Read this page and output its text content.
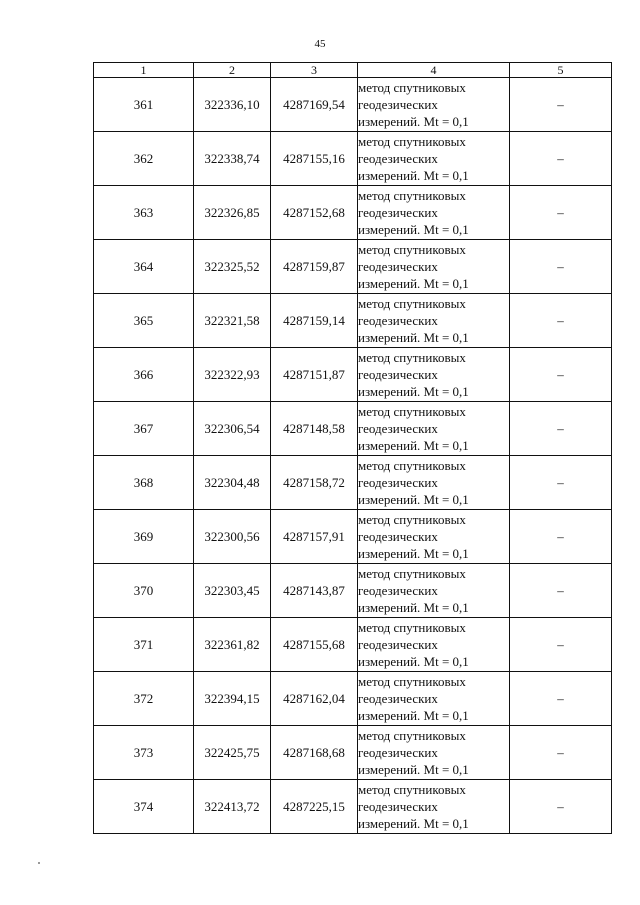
45
1	2	3	4	5
361	322336,10	4287169,54	метод спутниковых
геодезических
измерений. Mt = 0,1	–
362	322338,74	4287155,16	метод спутниковых
геодезических
измерений. Mt = 0,1	–
363	322326,85	4287152,68	метод спутниковых
геодезических
измерений. Mt = 0,1	–
364	322325,52	4287159,87	метод спутниковых
геодезических
измерений. Mt = 0,1	–
365	322321,58	4287159,14	метод спутниковых
геодезических
измерений. Mt = 0,1	–
366	322322,93	4287151,87	метод спутниковых
геодезических
измерений. Mt = 0,1	–
367	322306,54	4287148,58	метод спутниковых
геодезических
измерений. Mt = 0,1	–
368	322304,48	4287158,72	метод спутниковых
геодезических
измерений. Mt = 0,1	–
369	322300,56	4287157,91	метод спутниковых
геодезических
измерений. Mt = 0,1	–
370	322303,45	4287143,87	метод спутниковых
геодезических
измерений. Mt = 0,1	–
371	322361,82	4287155,68	метод спутниковых
геодезических
измерений. Mt = 0,1	–
372	322394,15	4287162,04	метод спутниковых
геодезических
измерений. Mt = 0,1	–
373	322425,75	4287168,68	метод спутниковых
геодезических
измерений. Mt = 0,1	–
374	322413,72	4287225,15	метод спутниковых
геодезических
измерений. Mt = 0,1	–
